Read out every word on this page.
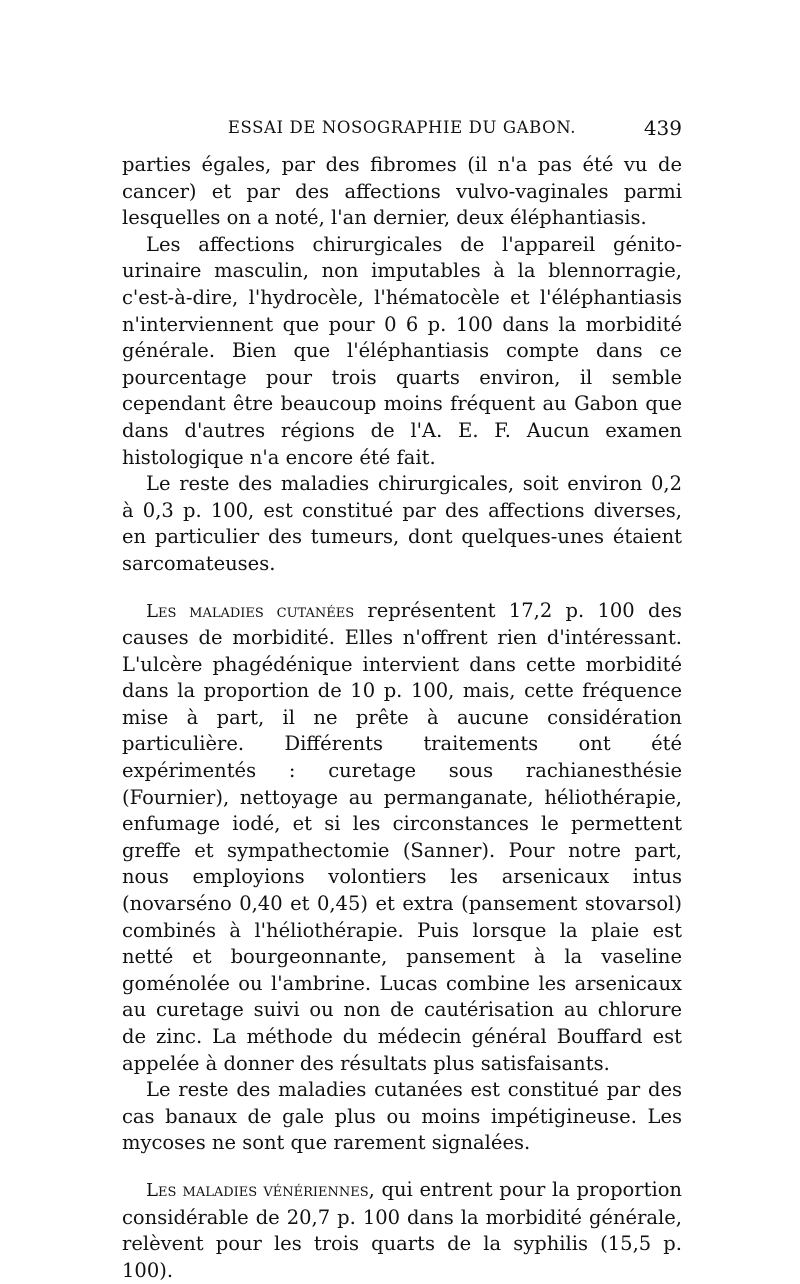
ESSAI DE NOSOGRAPHIE DU GABON.	439

parties égales, par des fibromes (il n'a pas été vu de cancer) et par des affections vulvo-vaginales parmi lesquelles on a noté, l'an dernier, deux éléphantiasis.

Les affections chirurgicales de l'appareil génito-urinaire masculin, non imputables à la blennorragie, c'est-à-dire, l'hydrocèle, l'hématocèle et l'éléphantiasis n'interviennent que pour 0 6 p. 100 dans la morbidité générale. Bien que l'éléphantiasis compte dans ce pourcentage pour trois quarts environ, il semble cependant être beaucoup moins fréquent au Gabon que dans d'autres régions de l'A. E. F. Aucun examen histologique n'a encore été fait.

Le reste des maladies chirurgicales, soit environ 0,2 à 0,3 p. 100, est constitué par des affections diverses, en particulier des tumeurs, dont quelques-unes étaient sarcomateuses.

Les maladies cutanées représentent 17,2 p. 100 des causes de morbidité. Elles n'offrent rien d'intéressant. L'ulcère phagédénique intervient dans cette morbidité dans la proportion de 10 p. 100, mais, cette fréquence mise à part, il ne prête à aucune considération particulière. Différents traitements ont été expérimentés : curetage sous rachianesthésie (Fournier), nettoyage au permanganate, héliothérapie, enfumage iodé, et si les circonstances le permettent greffe et sympathectomie (Sanner). Pour notre part, nous employions volontiers les arsenicaux intus (novarséno 0,40 et 0,45) et extra (pansement stovarsol) combinés à l'héliothérapie. Puis lorsque la plaie est netté et bourgeonnante, pansement à la vaseline goménolée ou l'ambrine. Lucas combine les arsenicaux au curetage suivi ou non de cautérisation au chlorure de zinc. La méthode du médecin général Bouffard est appelée à donner des résultats plus satisfaisants.

Le reste des maladies cutanées est constitué par des cas banaux de gale plus ou moins impétigineuse. Les mycoses ne sont que rarement signalées.

Les maladies vénériennes, qui entrent pour la proportion considérable de 20,7 p. 100 dans la morbidité générale, relèvent pour les trois quarts de la syphilis (15,5 p. 100).
